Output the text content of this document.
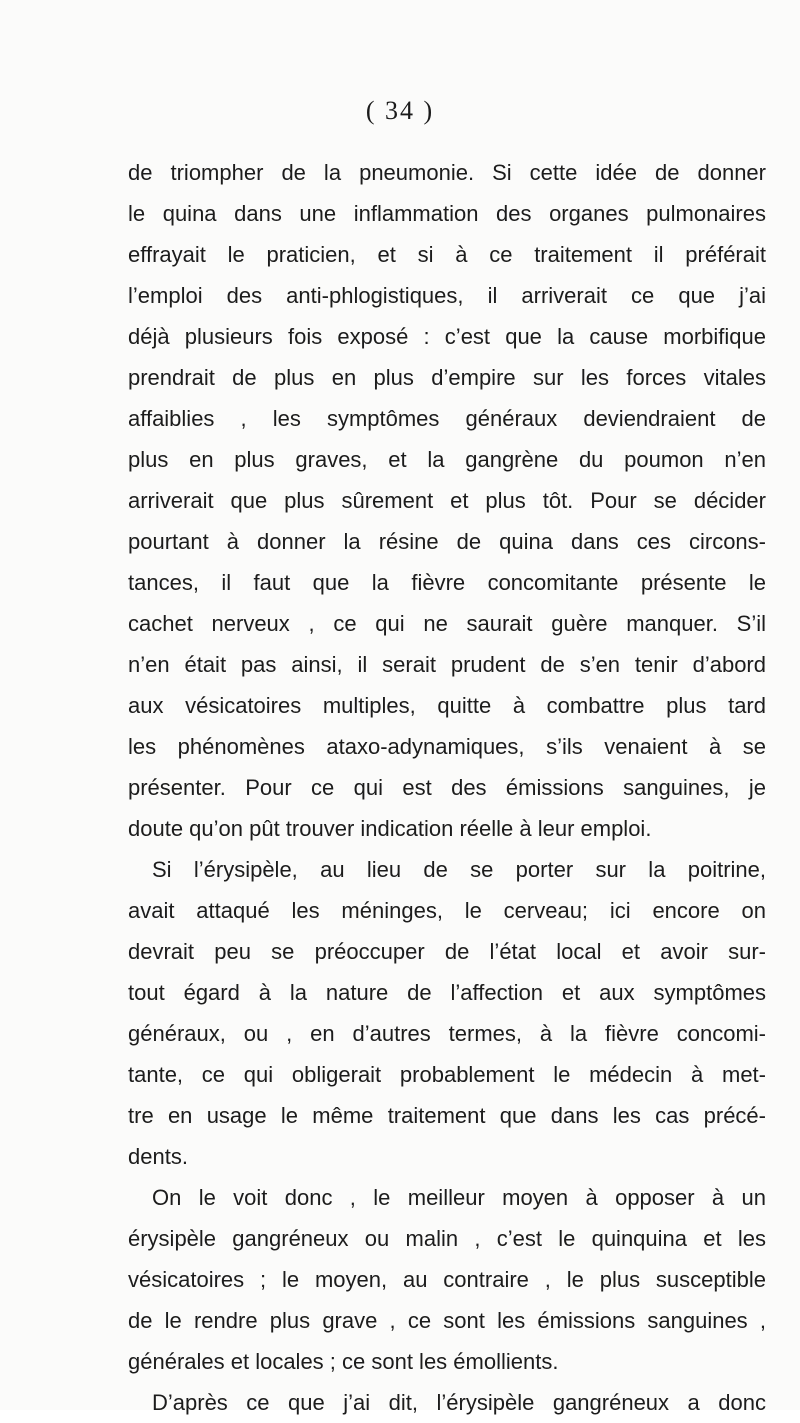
( 34 )
de triompher de la pneumonie. Si cette idée de donner
le quina dans une inflammation des organes pulmonaires
effrayait le praticien, et si à ce traitement il préférait
l’emploi des anti-phlogistiques, il arriverait ce que j’ai
déjà plusieurs fois exposé : c’est que la cause morbifique
prendrait de plus en plus d’empire sur les forces vitales
affaiblies , les symptômes généraux deviendraient de
plus en plus graves, et la gangrène du poumon n’en
arriverait que plus sûrement et plus tôt. Pour se décider
pourtant à donner la résine de quina dans ces circons-
tances, il faut que la fièvre concomitante présente le
cachet nerveux , ce qui ne saurait guère manquer. S’il
n’en était pas ainsi, il serait prudent de s’en tenir d’abord
aux vésicatoires multiples, quitte à combattre plus tard
les phénomènes ataxo-adynamiques, s’ils venaient à se
présenter. Pour ce qui est des émissions sanguines, je
doute qu’on pût trouver indication réelle à leur emploi.
Si l’érysipèle, au lieu de se porter sur la poitrine,
avait attaqué les méninges, le cerveau; ici encore on
devrait peu se préoccuper de l’état local et avoir sur-
tout égard à la nature de l’affection et aux symptômes
généraux, ou , en d’autres termes, à la fièvre concomi-
tante, ce qui obligerait probablement le médecin à met-
tre en usage le même traitement que dans les cas précé-
dents.
On le voit donc , le meilleur moyen à opposer à un
érysipèle gangréneux ou malin , c’est le quinquina et les
vésicatoires ; le moyen, au contraire , le plus susceptible
de le rendre plus grave , ce sont les émissions sanguines ,
générales et locales ; ce sont les émollients.
D’après ce que j’ai dit, l’érysipèle gangréneux a donc
